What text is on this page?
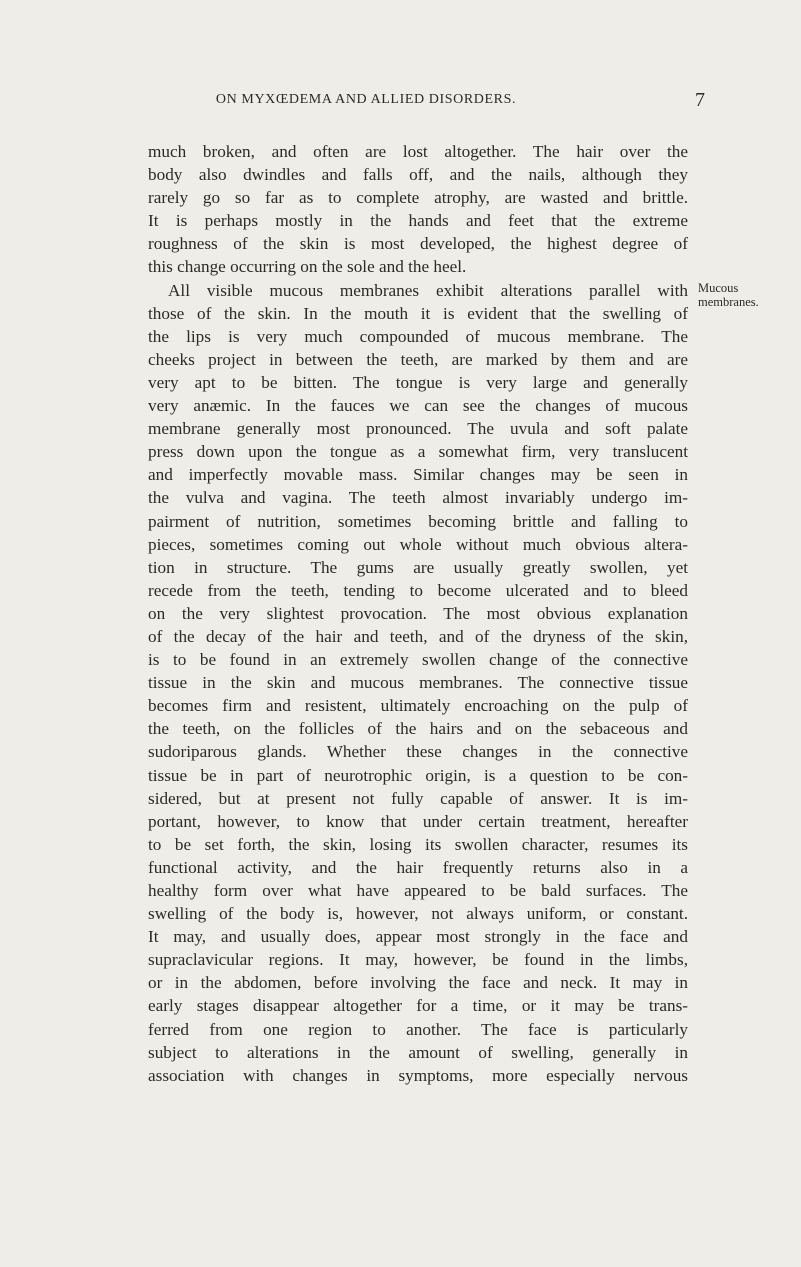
ON MYXŒDEMA AND ALLIED DISORDERS.	7
Mucous
membranes.
much broken, and often are lost altogether. The hair over the
body also dwindles and falls off, and the nails, although they
rarely go so far as to complete atrophy, are wasted and brittle.
It is perhaps mostly in the hands and feet that the extreme
roughness of the skin is most developed, the highest degree of
this change occurring on the sole and the heel.
All visible mucous membranes exhibit alterations parallel with
those of the skin. In the mouth it is evident that the swelling of
the lips is very much compounded of mucous membrane. The
cheeks project in between the teeth, are marked by them and are
very apt to be bitten. The tongue is very large and generally
very anæmic. In the fauces we can see the changes of mucous
membrane generally most pronounced. The uvula and soft palate
press down upon the tongue as a somewhat firm, very translucent
and imperfectly movable mass. Similar changes may be seen in
the vulva and vagina. The teeth almost invariably undergo im-
pairment of nutrition, sometimes becoming brittle and falling to
pieces, sometimes coming out whole without much obvious altera-
tion in structure. The gums are usually greatly swollen, yet
recede from the teeth, tending to become ulcerated and to bleed
on the very slightest provocation. The most obvious explanation
of the decay of the hair and teeth, and of the dryness of the skin,
is to be found in an extremely swollen change of the connective
tissue in the skin and mucous membranes. The connective tissue
becomes firm and resistent, ultimately encroaching on the pulp of
the teeth, on the follicles of the hairs and on the sebaceous and
sudoriparous glands. Whether these changes in the connective
tissue be in part of neurotrophic origin, is a question to be con-
sidered, but at present not fully capable of answer. It is im-
portant, however, to know that under certain treatment, hereafter
to be set forth, the skin, losing its swollen character, resumes its
functional activity, and the hair frequently returns also in a
healthy form over what have appeared to be bald surfaces. The
swelling of the body is, however, not always uniform, or constant.
It may, and usually does, appear most strongly in the face and
supraclavicular regions. It may, however, be found in the limbs,
or in the abdomen, before involving the face and neck. It may in
early stages disappear altogether for a time, or it may be trans-
ferred from one region to another. The face is particularly
subject to alterations in the amount of swelling, generally in
association with changes in symptoms, more especially nervous
